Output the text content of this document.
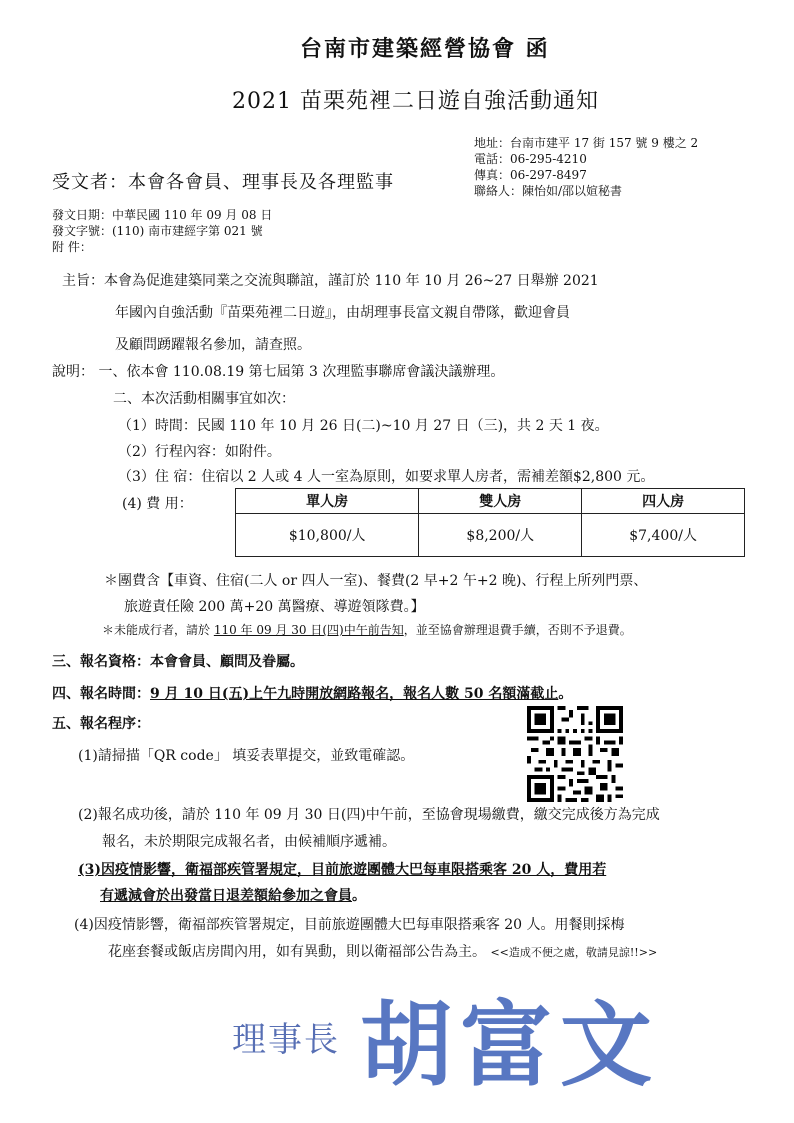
台南市建築經營協會 函
2021 苗栗苑裡二日遊自強活動通知
地址：台南市建平 17 街 157 號 9 樓之 2
電話：06-295-4210
傳真：06-297-8497
聯絡人：陳怡如/邵以媗秘書
受文者：本會各會員、理事長及各理監事
發文日期：中華民國 110 年 09 月 08 日
發文字號：(110) 南市建經字第 021 號
附 件：
主旨：本會為促進建築同業之交流與聯誼，謹訂於 110 年 10 月 26~27 日舉辦 2021
年國內自強活動『苗栗苑裡二日遊』，由胡理事長富文親自帶隊，歡迎會員
及顧問踴躍報名參加，請查照。
說明： 一、依本會 110.08.19 第七屆第 3 次理監事聯席會議決議辦理。
二、本次活動相關事宜如次：
（1）時間：民國 110 年 10 月 26 日(二)~10 月 27 日（三)，共 2 天 1 夜。
（2）行程內容：如附件。
（3）住 宿：住宿以 2 人或 4 人一室為原則，如要求單人房者，需補差額$2,800 元。
(4) 費 用：	單人房	雙人房	四人房
$10,800/人	$8,200/人	$7,400/人
＊團費含【車資、住宿(二人 or 四人一室)、餐費(2 早+2 午+2 晚)、行程上所列門票、
旅遊責任險 200 萬+20 萬醫療、導遊領隊費。】
＊未能成行者，請於 110 年 09 月 30 日(四)中午前告知，並至協會辦理退費手續，否則不予退費。
三、報名資格：本會會員、顧問及眷屬。
四、報名時間：9 月 10 日(五)上午九時開放網路報名，報名人數 50 名額滿截止。
五、報名程序：
(1)請掃描「QR code」 填妥表單提交，並致電確認。
(2)報名成功後，請於 110 年 09 月 30 日(四)中午前，至協會現場繳費，繳交完成後方為完成
報名，未於期限完成報名者，由候補順序遞補。
(3)因疫情影響，衛福部疾管署規定，目前旅遊團體大巴每車限搭乘客 20 人，費用若
有遞減會於出發當日退差額給參加之會員。
(4)因疫情影響，衛福部疾管署規定，目前旅遊團體大巴每車限搭乘客 20 人。用餐則採梅
花座套餐或飯店房間內用，如有異動，則以衛福部公告為主。 <<造成不便之處，敬請見諒!!>>
理事長 胡富文
